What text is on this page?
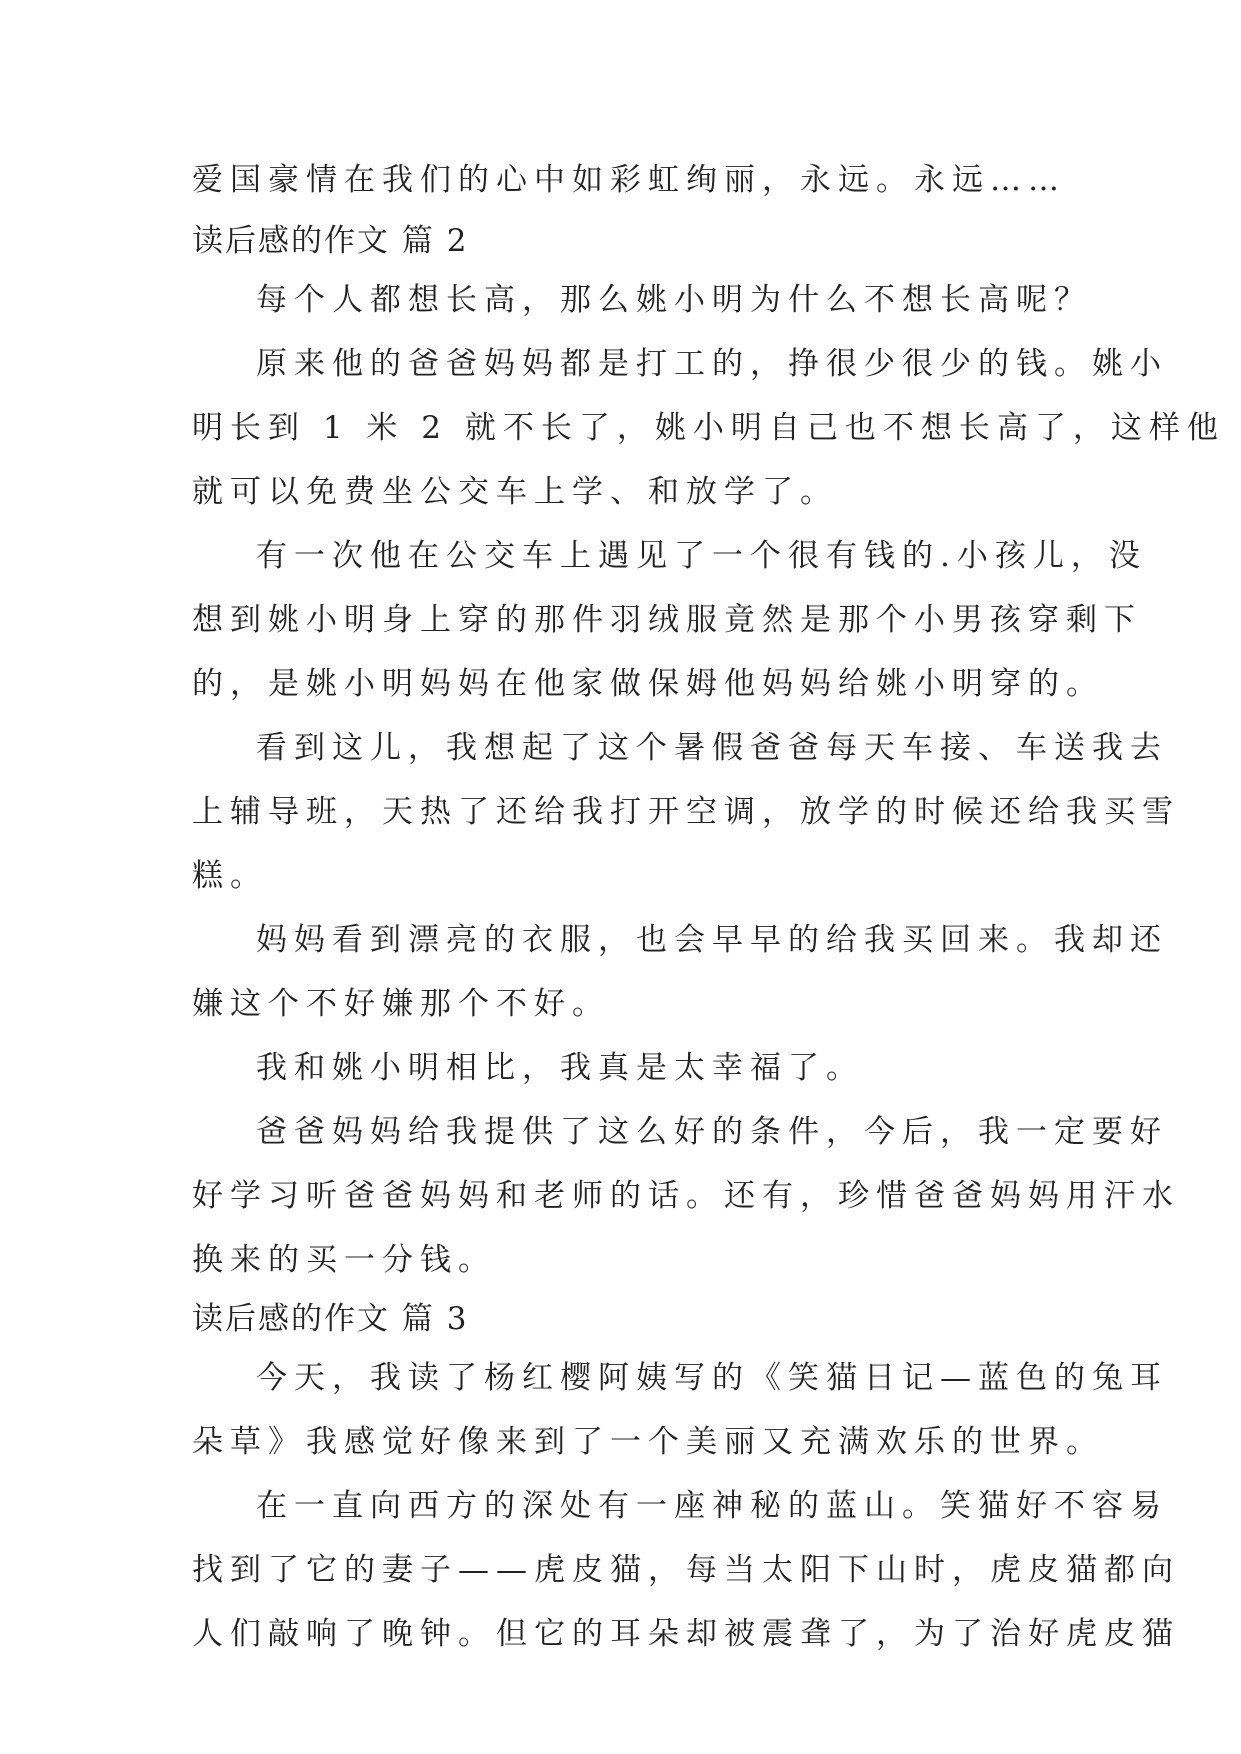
爱国豪情在我们的心中如彩虹绚丽，永远。永远……
读后感的作文 篇 2
每个人都想长高，那么姚小明为什么不想长高呢？
原来他的爸爸妈妈都是打工的，挣很少很少的钱。姚小
明长到 1 米 2 就不长了，姚小明自己也不想长高了，这样他
就可以免费坐公交车上学、和放学了。
有一次他在公交车上遇见了一个很有钱的.小孩儿，没
想到姚小明身上穿的那件羽绒服竟然是那个小男孩穿剩下
的，是姚小明妈妈在他家做保姆他妈妈给姚小明穿的。
看到这儿，我想起了这个暑假爸爸每天车接、车送我去
上辅导班，天热了还给我打开空调，放学的时候还给我买雪
糕。
妈妈看到漂亮的衣服，也会早早的给我买回来。我却还
嫌这个不好嫌那个不好。
我和姚小明相比，我真是太幸福了。
爸爸妈妈给我提供了这么好的条件，今后，我一定要好
好学习听爸爸妈妈和老师的话。还有，珍惜爸爸妈妈用汗水
换来的买一分钱。
读后感的作文 篇 3
今天，我读了杨红樱阿姨写的《笑猫日记—蓝色的兔耳
朵草》我感觉好像来到了一个美丽又充满欢乐的世界。
在一直向西方的深处有一座神秘的蓝山。笑猫好不容易
找到了它的妻子——虎皮猫，每当太阳下山时，虎皮猫都向
人们敲响了晚钟。但它的耳朵却被震聋了，为了治好虎皮猫
